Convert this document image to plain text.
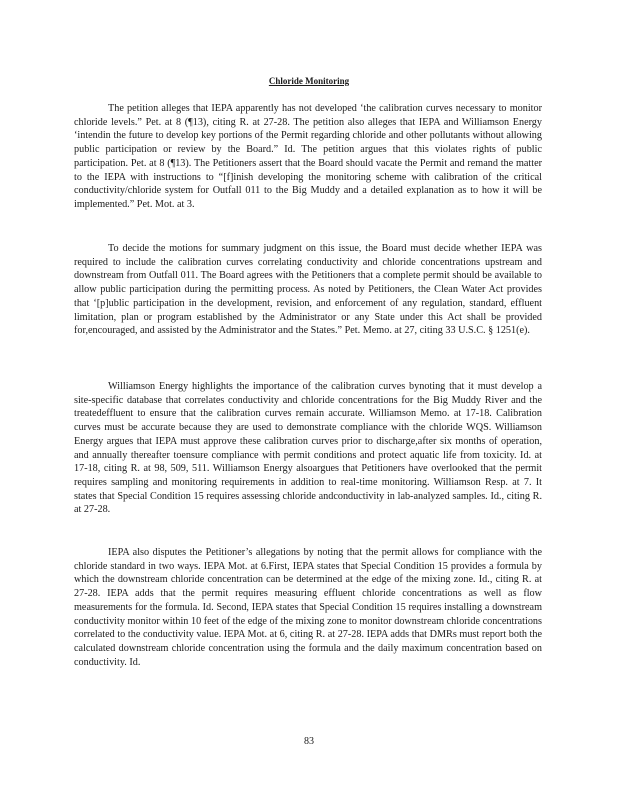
Chloride Monitoring

The petition alleges that IEPA apparently has not developed ‘the calibration curves necessary to monitor chloride levels.” Pet. at 8 (¶13), citing R. at 27-28. The petition also alleges that IEPA and Williamson Energy ‘intendin the future to develop key portions of the Permit regarding chloride and other pollutants without allowing public participation or review by the Board.” Id. The petition argues that this violates rights of public participation. Pet. at 8 (¶13). The Petitioners assert that the Board should vacate the Permit and remand the matter to the IEPA with instructions to “[f]inish developing the monitoring scheme with calibration of the critical conductivity/chloride system for Outfall 011 to the Big Muddy and a detailed explanation as to how it will be implemented.” Pet. Mot. at 3.

To decide the motions for summary judgment on this issue, the Board must decide whether IEPA was required to include the calibration curves correlating conductivity and chloride concentrations upstream and downstream from Outfall 011. The Board agrees with the Petitioners that a complete permit should be available to allow public participation during the permitting process. As noted by Petitioners, the Clean Water Act provides that ‘[p]ublic participation in the development, revision, and enforcement of any regulation, standard, effluent limitation, plan or program established by the Administrator or any State under this Act shall be provided for,encouraged, and assisted by the Administrator and the States.” Pet. Memo. at 27, citing 33 U.S.C. § 1251(e).

Williamson Energy highlights the importance of the calibration curves bynoting that it must develop a site-specific database that correlates conductivity and chloride concentrations for the Big Muddy River and the treatedeffluent to ensure that the calibration curves remain accurate. Williamson Memo. at 17-18. Calibration curves must be accurate because they are used to demonstrate compliance with the chloride WQS. Williamson Energy argues that IEPA must approve these calibration curves prior to discharge,after six months of operation, and annually thereafter toensure compliance with permit conditions and protect aquatic life from toxicity. Id. at 17-18, citing R. at 98, 509, 511. Williamson Energy alsoargues that Petitioners have overlooked that the permit requires sampling and monitoring requirements in addition to real-time monitoring. Williamson Resp. at 7. It states that Special Condition 15 requires assessing chloride andconductivity in lab-analyzed samples. Id., citing R. at 27-28.

IEPA also disputes the Petitioner’s allegations by noting that the permit allows for compliance with the chloride standard in two ways. IEPA Mot. at 6.First, IEPA states that Special Condition 15 provides a formula by which the downstream chloride concentration can be determined at the edge of the mixing zone. Id., citing R. at 27-28. IEPA adds that the permit requires measuring effluent chloride concentrations as well as flow measurements for the formula. Id. Second, IEPA states that Special Condition 15 requires installing a downstream conductivity monitor within 10 feet of the edge of the mixing zone to monitor downstream chloride concentrations correlated to the conductivity value. IEPA Mot. at 6, citing R. at 27-28. IEPA adds that DMRs must report both the calculated downstream chloride concentration using the formula and the daily maximum concentration based on conductivity. Id.

83
